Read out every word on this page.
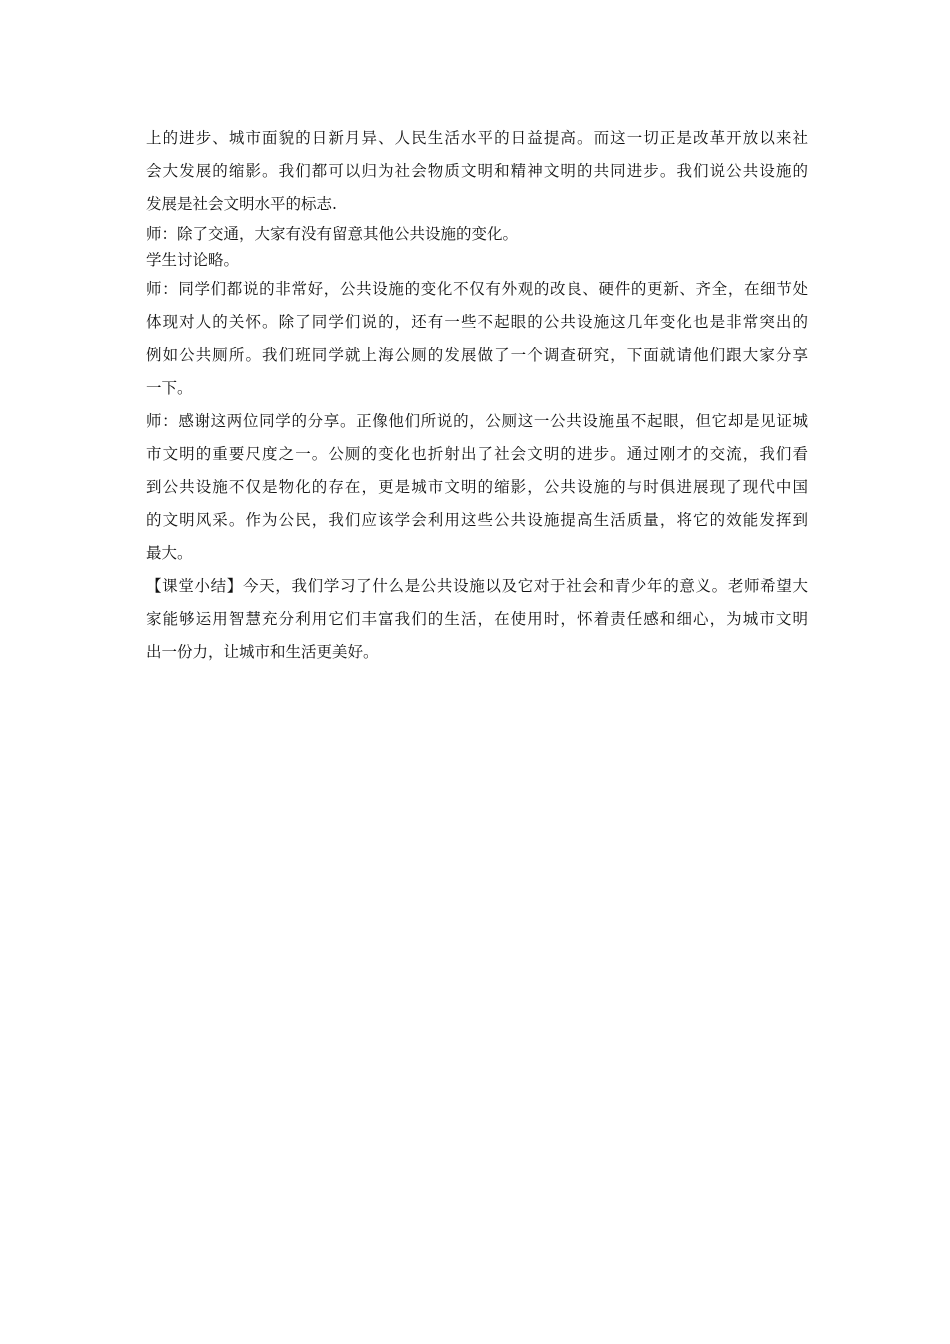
上的进步、城市面貌的日新月异、人民生活水平的日益提高。而这一切正是改革开放以来社
会大发展的缩影。我们都可以归为社会物质文明和精神文明的共同进步。我们说公共设施的
发展是社会文明水平的标志.
师：除了交通，大家有没有留意其他公共设施的变化。
学生讨论略。
师：同学们都说的非常好，公共设施的变化不仅有外观的改良、硬件的更新、齐全，在细节处
体现对人的关怀。除了同学们说的，还有一些不起眼的公共设施这几年变化也是非常突出的
例如公共厕所。我们班同学就上海公厕的发展做了一个调查研究，下面就请他们跟大家分享
一下。
师：感谢这两位同学的分享。正像他们所说的，公厕这一公共设施虽不起眼，但它却是见证城
市文明的重要尺度之一。公厕的变化也折射出了社会文明的进步。通过刚才的交流，我们看
到公共设施不仅是物化的存在，更是城市文明的缩影，公共设施的与时俱进展现了现代中国
的文明风采。作为公民，我们应该学会利用这些公共设施提高生活质量，将它的效能发挥到
最大。
【课堂小结】今天，我们学习了什么是公共设施以及它对于社会和青少年的意义。老师希望大
家能够运用智慧充分利用它们丰富我们的生活，在使用时，怀着责任感和细心，为城市文明
出一份力，让城市和生活更美好。
